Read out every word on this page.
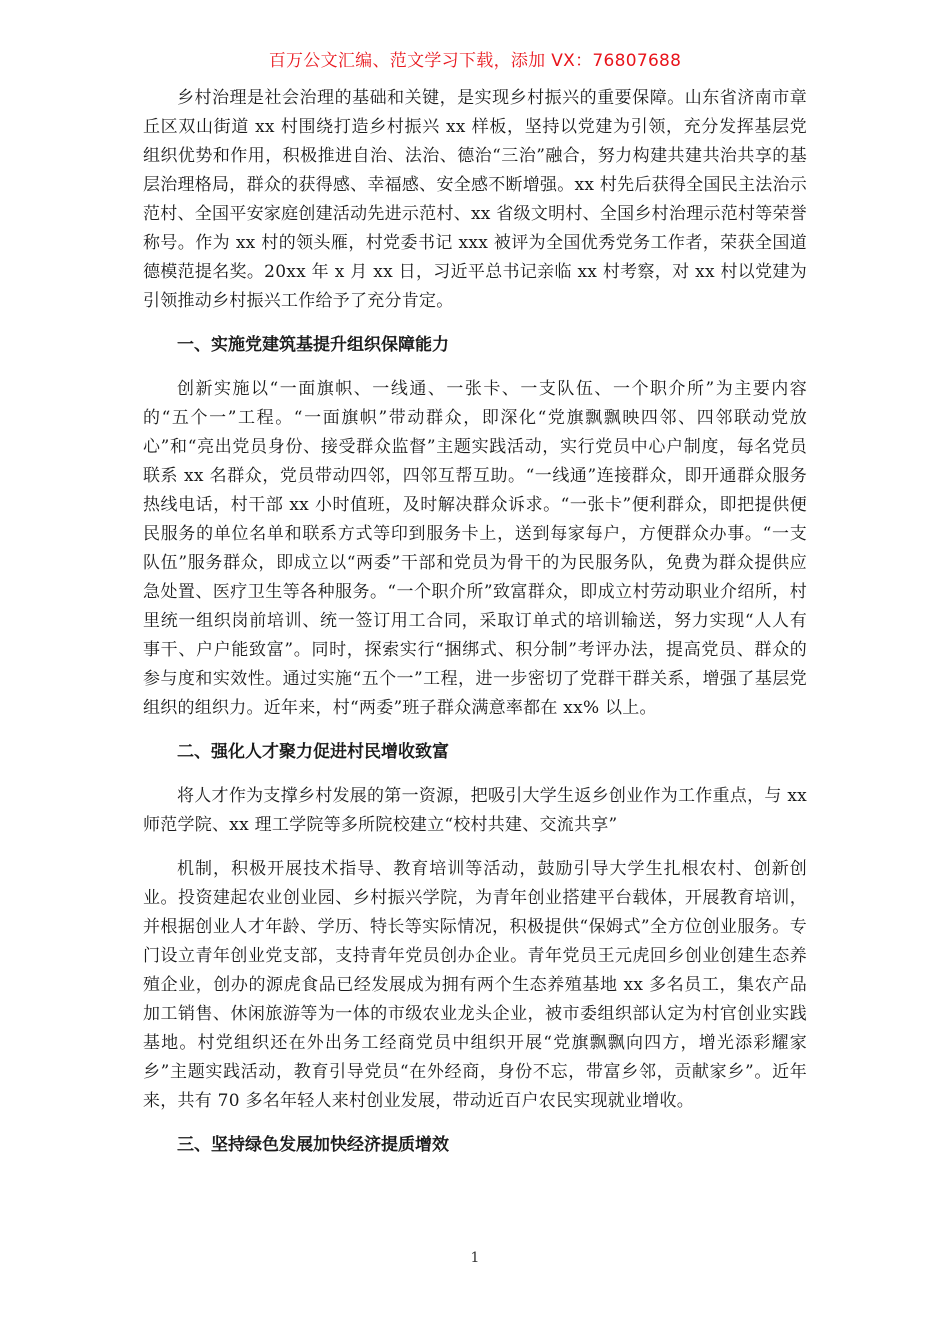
百万公文汇编、范文学习下载，添加 VX：76807688

乡村治理是社会治理的基础和关键，是实现乡村振兴的重要保障。山东省济南市章丘区双山街道 xx 村围绕打造乡村振兴 xx 样板，坚持以党建为引领，充分发挥基层党组织优势和作用，积极推进自治、法治、德治“三治”融合，努力构建共建共治共享的基层治理格局，群众的获得感、幸福感、安全感不断增强。xx 村先后获得全国民主法治示范村、全国平安家庭创建活动先进示范村、xx 省级文明村、全国乡村治理示范村等荣誉称号。作为 xx 村的领头雁，村党委书记 xxx 被评为全国优秀党务工作者，荣获全国道德模范提名奖。20xx 年 x 月 xx 日，习近平总书记亲临 xx 村考察，对 xx 村以党建为引领推动乡村振兴工作给予了充分肯定。

一、实施党建筑基提升组织保障能力

创新实施以“一面旗帜、一线通、一张卡、一支队伍、一个职介所”为主要内容的“五个一”工程。“一面旗帜”带动群众，即深化“党旗飘飘映四邻、四邻联动党放心”和“亮出党员身份、接受群众监督”主题实践活动，实行党员中心户制度，每名党员联系 xx 名群众，党员带动四邻，四邻互帮互助。“一线通”连接群众，即开通群众服务热线电话，村干部 xx 小时值班，及时解决群众诉求。“一张卡”便利群众，即把提供便民服务的单位名单和联系方式等印到服务卡上，送到每家每户，方便群众办事。“一支队伍”服务群众，即成立以“两委”干部和党员为骨干的为民服务队，免费为群众提供应急处置、医疗卫生等各种服务。“一个职介所”致富群众，即成立村劳动职业介绍所，村里统一组织岗前培训、统一签订用工合同，采取订单式的培训输送，努力实现“人人有事干、户户能致富”。同时，探索实行“捆绑式、积分制”考评办法，提高党员、群众的参与度和实效性。通过实施“五个一”工程，进一步密切了党群干群关系，增强了基层党组织的组织力。近年来，村“两委”班子群众满意率都在 xx% 以上。

二、强化人才聚力促进村民增收致富

将人才作为支撑乡村发展的第一资源，把吸引大学生返乡创业作为工作重点，与 xx 师范学院、xx 理工学院等多所院校建立“校村共建、交流共享”

机制，积极开展技术指导、教育培训等活动，鼓励引导大学生扎根农村、创新创业。投资建起农业创业园、乡村振兴学院，为青年创业搭建平台载体，开展教育培训，并根据创业人才年龄、学历、特长等实际情况，积极提供“保姆式”全方位创业服务。专门设立青年创业党支部，支持青年党员创办企业。青年党员王元虎回乡创业创建生态养殖企业，创办的源虎食品已经发展成为拥有两个生态养殖基地 xx 多名员工，集农产品加工销售、休闲旅游等为一体的市级农业龙头企业，被市委组织部认定为村官创业实践基地。村党组织还在外出务工经商党员中组织开展“党旗飘飘向四方，增光添彩耀家乡”主题实践活动，教育引导党员“在外经商，身份不忘，带富乡邻，贡献家乡”。近年来，共有 70 多名年轻人来村创业发展，带动近百户农民实现就业增收。

三、坚持绿色发展加快经济提质增效

1
